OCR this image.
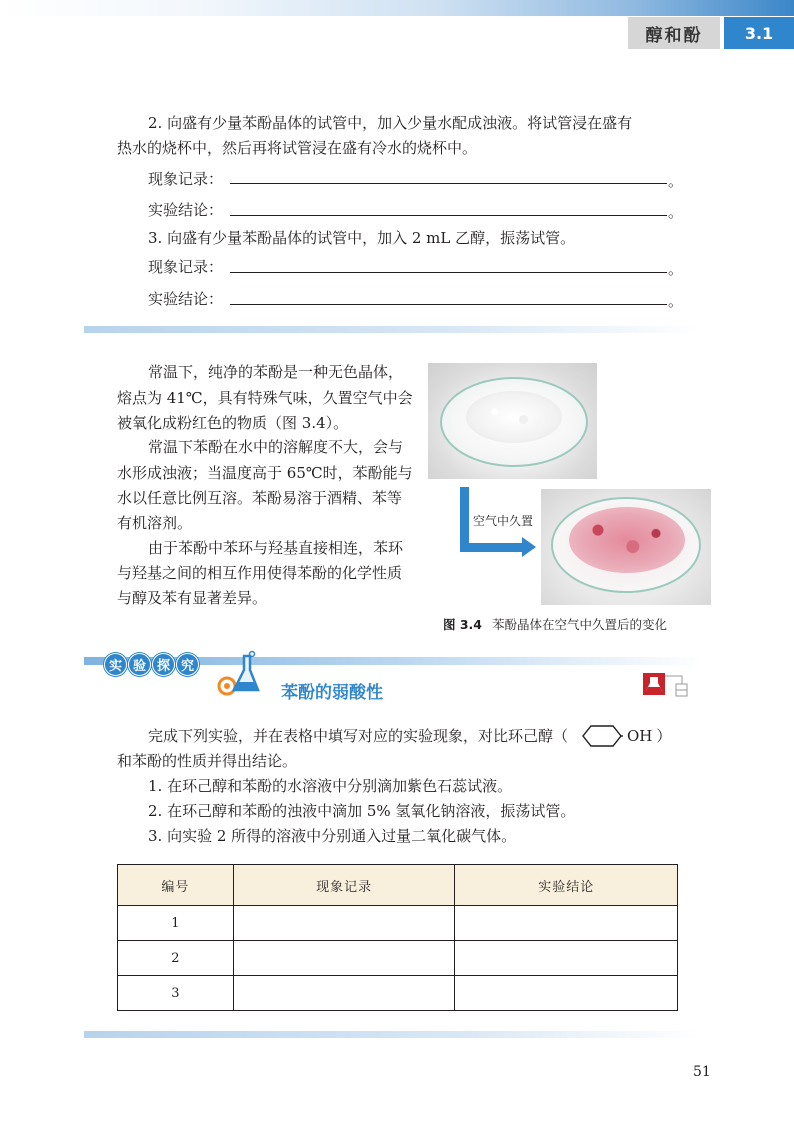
醇和酚	3.1
2. 向盛有少量苯酚晶体的试管中，加入少量水配成浊液。将试管浸在盛有
热水的烧杯中，然后再将试管浸在盛有冷水的烧杯中。
现象记录：	。
实验结论：	。
3. 向盛有少量苯酚晶体的试管中，加入 2 mL 乙醇，振荡试管。
现象记录：	。
实验结论：	。
常温下，纯净的苯酚是一种无色晶体，
熔点为 41℃，具有特殊气味，久置空气中会
被氧化成粉红色的物质（图 3.4）。
常温下苯酚在水中的溶解度不大，会与
水形成浊液；当温度高于 65℃时，苯酚能与
水以任意比例互溶。苯酚易溶于酒精、苯等
有机溶剂。
由于苯酚中苯环与羟基直接相连，苯环
与羟基之间的相互作用使得苯酚的化学性质
与醇及苯有显著差异。
空气中久置
图 3.4 苯酚晶体在空气中久置后的变化
实 验 探 究
苯酚的弱酸性
完成下列实验，并在表格中填写对应的实验现象，对比环己醇（	OH ）
和苯酚的性质并得出结论。
1. 在环己醇和苯酚的水溶液中分别滴加紫色石蕊试液。
2. 在环己醇和苯酚的浊液中滴加 5% 氢氧化钠溶液，振荡试管。
3. 向实验 2 所得的溶液中分别通入过量二氧化碳气体。
编号	现象记录	实验结论
1		
2		
3		
51
